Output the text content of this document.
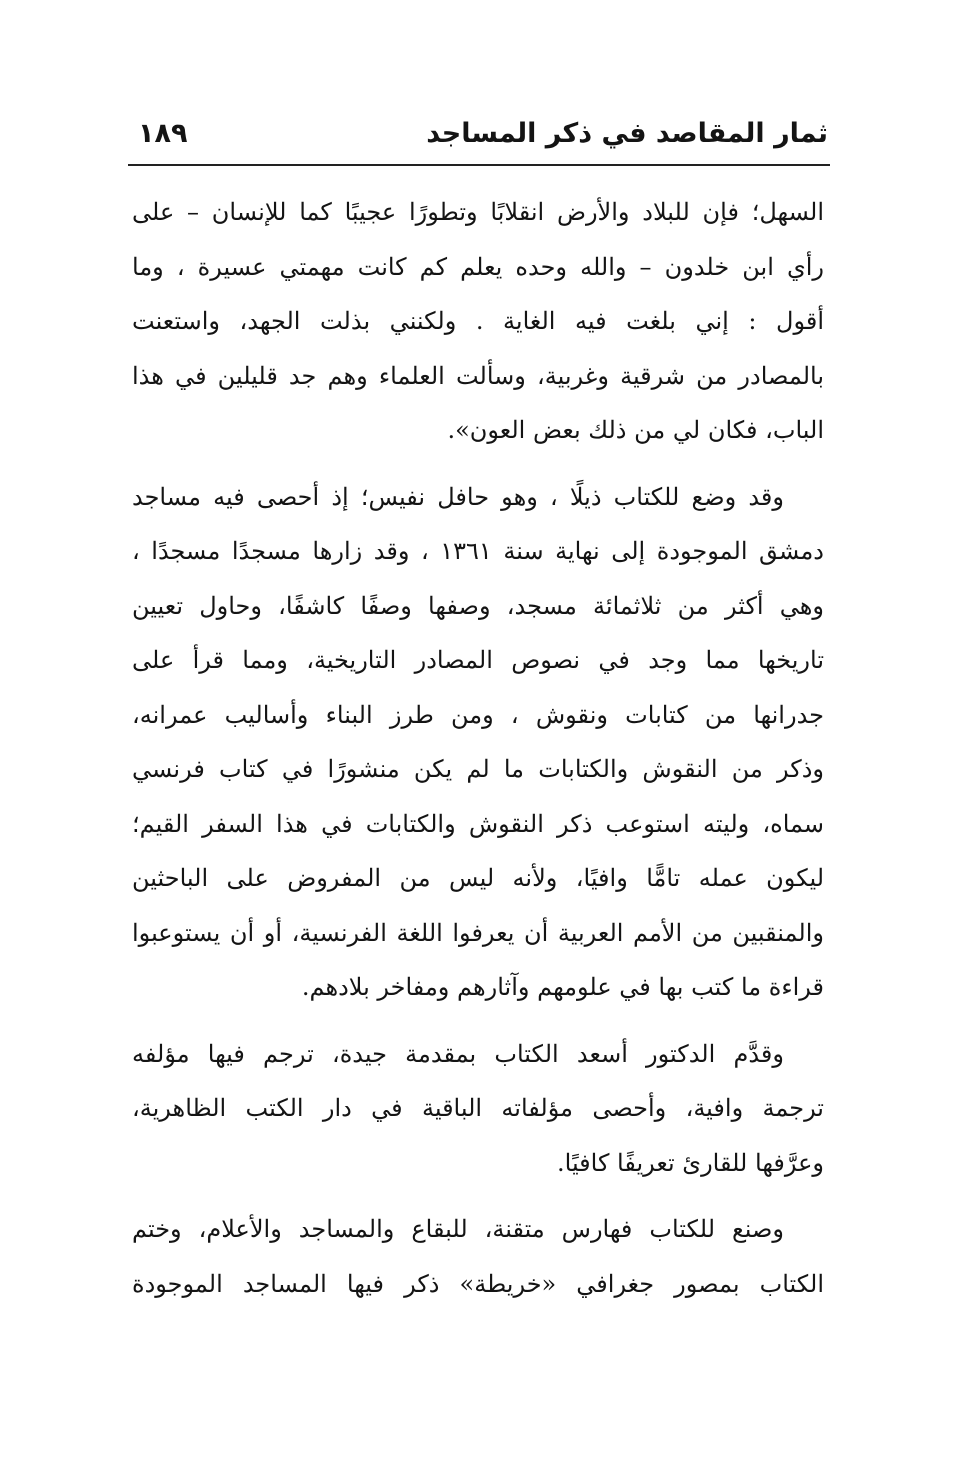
ثمار المقاصد في ذكر المساجد
١٨٩
السهل؛ فإن للبلاد والأرض انقلابًا وتطورًا عجيبًا كما للإنسان – على
رأي ابن خلدون – والله وحده يعلم كم كانت مهمتي عسيرة ، وما
أقول : إني بلغت فيه الغاية . ولكنني بذلت الجهد، واستعنت
بالمصادر من شرقية وغربية، وسألت العلماء وهم جد قليلين في هذا
الباب، فكان لي من ذلك بعض العون».
وقد وضع للكتاب ذيلًا ، وهو حافل نفيس؛ إذ أحصى فيه مساجد
دمشق الموجودة إلى نهاية سنة ١٣٦١ ، وقد زارها مسجدًا مسجدًا ،
وهي أكثر من ثلاثمائة مسجد، وصفها وصفًا كاشفًا، وحاول تعيين
تاريخها مما وجد في نصوص المصادر التاريخية، ومما قرأ على
جدرانها من كتابات ونقوش ، ومن طرز البناء وأساليب عمرانه،
وذكر من النقوش والكتابات ما لم يكن منشورًا في كتاب فرنسي
سماه، وليته استوعب ذكر النقوش والكتابات في هذا السفر القيم؛
ليكون عمله تامًّا وافيًا، ولأنه ليس من المفروض على الباحثين
والمنقبين من الأمم العربية أن يعرفوا اللغة الفرنسية، أو أن يستوعبوا
قراءة ما كتب بها في علومهم وآثارهم ومفاخر بلادهم.
وقدَّم الدكتور أسعد الكتاب بمقدمة جيدة، ترجم فيها مؤلفه
ترجمة وافية، وأحصى مؤلفاته الباقية في دار الكتب الظاهرية،
وعرَّفها للقارئ تعريفًا كافيًا.
وصنع للكتاب فهارس متقنة، للبقاع والمساجد والأعلام، وختم
الكتاب بمصور جغرافي «خريطة» ذكر فيها المساجد الموجودة
